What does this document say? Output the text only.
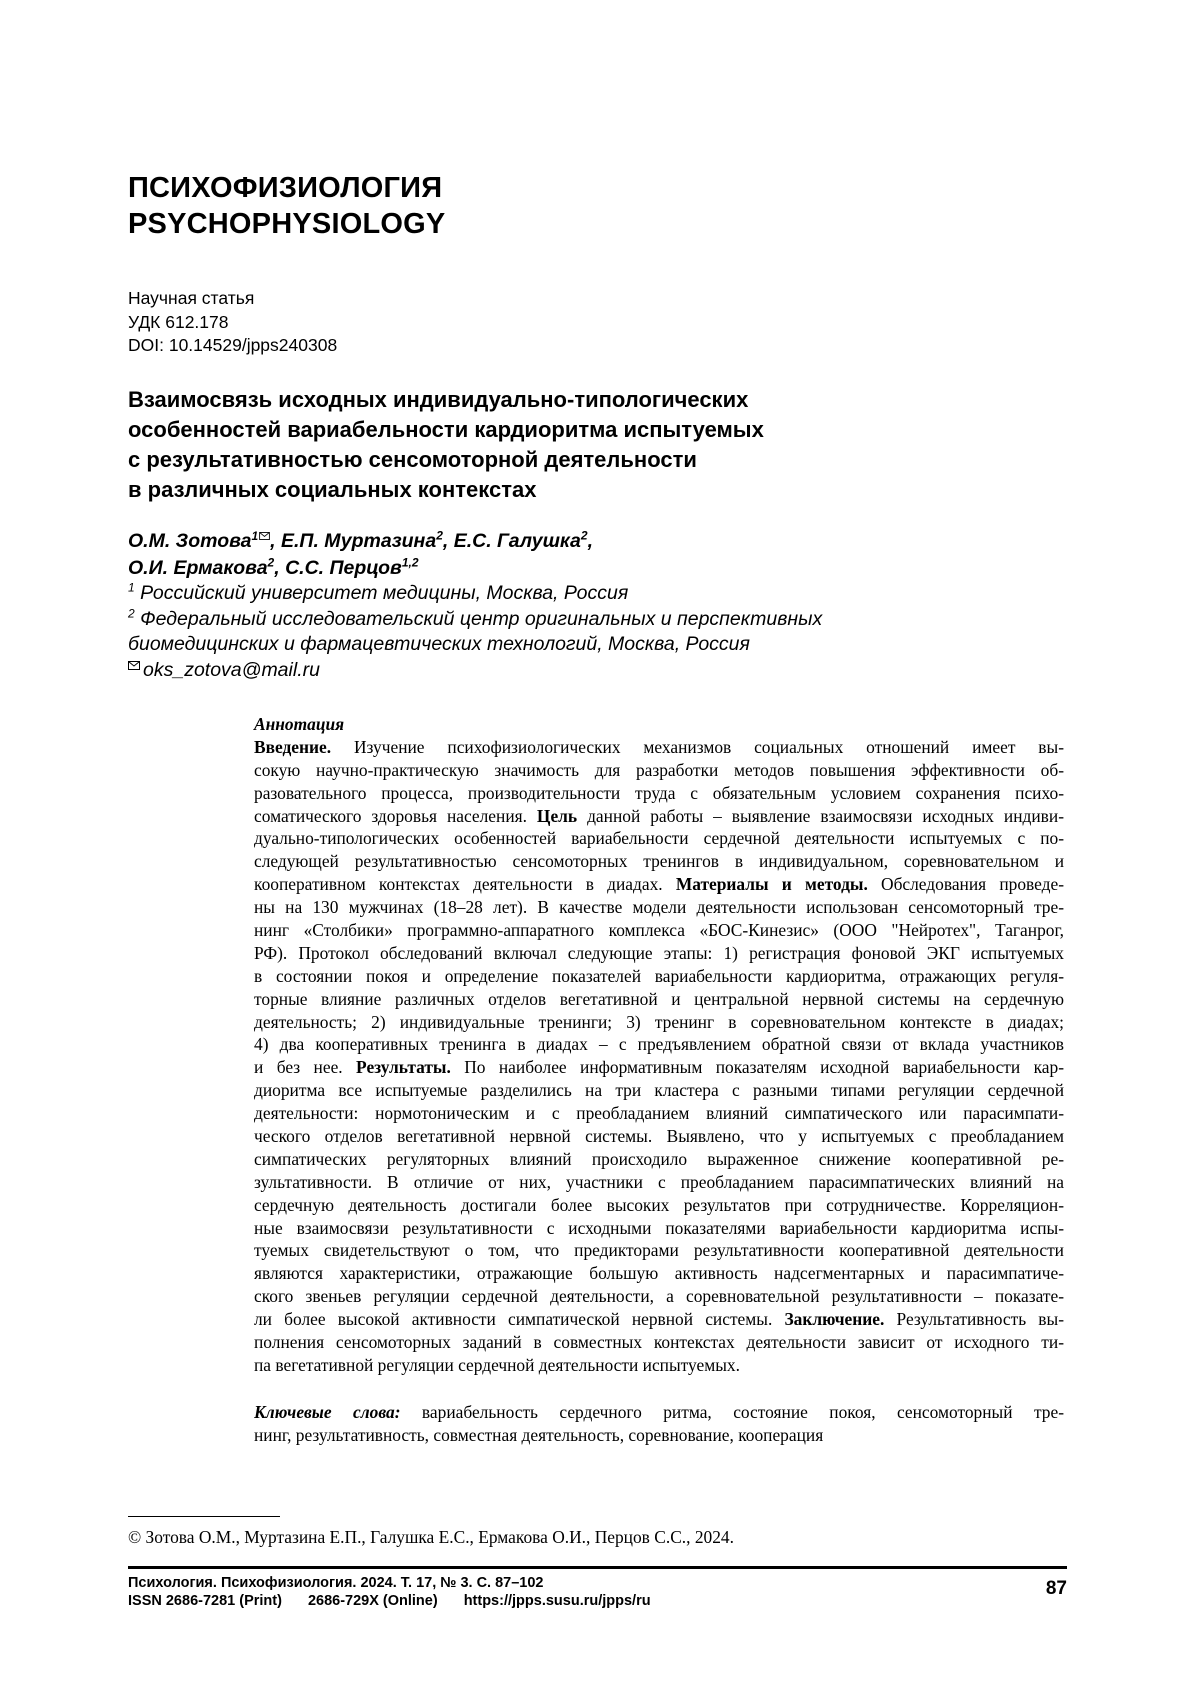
ПСИХОФИЗИОЛОГИЯ
PSYCHOPHYSIOLOGY
Научная статья
УДК 612.178
DOI: 10.14529/jpps240308
Взаимосвязь исходных индивидуально-типологических
особенностей вариабельности кардиоритма испытуемых
с результативностью сенсомоторной деятельности
в различных социальных контекстах
О.М. Зотова$^1$ , Е.П. Муртазина$^2$, Е.С. Галушка$^2$,
О.И. Ермакова$^2$, С.С. Перцов$^{1,2}$
$^1$ Российский университет медицины, Москва, Россия
$^2$ Федеральный исследовательский центр оригинальных и перспективных
биомедицинских и фармацевтических технологий, Москва, Россия
oks_zotova@mail.ru
Аннотация
Введение. Изучение психофизиологических механизмов социальных отношений имеет вы-
сокую научно-практическую значимость для разработки методов повышения эффективности об-
разовательного процесса, производительности труда с обязательным условием сохранения психо-
соматического здоровья населения. Цель данной работы – выявление взаимосвязи исходных индиви-
дуально-типологических особенностей вариабельности сердечной деятельности испытуемых с по-
следующей результативностью сенсомоторных тренингов в индивидуальном, соревновательном и
кооперативном контекстах деятельности в диадах. Материалы и методы. Обследования проведе-
ны на 130 мужчинах (18–28 лет). В качестве модели деятельности использован сенсомоторный тре-
нинг «Столбики» программно-аппаратного комплекса «БОС-Кинезис» (ООО "Нейротех", Таганрог,
РФ). Протокол обследований включал следующие этапы: 1) регистрация фоновой ЭКГ испытуемых
в состоянии покоя и определение показателей вариабельности кардиоритма, отражающих регуля-
торные влияние различных отделов вегетативной и центральной нервной системы на сердечную
деятельность; 2) индивидуальные тренинги; 3) тренинг в соревновательном контексте в диадах;
4) два кооперативных тренинга в диадах – с предъявлением обратной связи от вклада участников
и без нее. Результаты. По наиболее информативным показателям исходной вариабельности кар-
диоритма все испытуемые разделились на три кластера с разными типами регуляции сердечной
деятельности: нормотоническим и с преобладанием влияний симпатического или парасимпати-
ческого отделов вегетативной нервной системы. Выявлено, что у испытуемых с преобладанием
симпатических регуляторных влияний происходило выраженное снижение кооперативной ре-
зультативности. В отличие от них, участники с преобладанием парасимпатических влияний на
сердечную деятельность достигали более высоких результатов при сотрудничестве. Корреляцион-
ные взаимосвязи результативности с исходными показателями вариабельности кардиоритма испы-
туемых свидетельствуют о том, что предикторами результативности кооперативной деятельности
являются характеристики, отражающие большую активность надсегментарных и парасимпатиче-
ского звеньев регуляции сердечной деятельности, а соревновательной результативности – показате-
ли более высокой активности симпатической нервной системы. Заключение. Результативность вы-
полнения сенсомоторных заданий в совместных контекстах деятельности зависит от исходного ти-
па вегетативной регуляции сердечной деятельности испытуемых.
Ключевые слова: вариабельность сердечного ритма, состояние покоя, сенсомоторный тре-
нинг, результативность, совместная деятельность, соревнование, кооперация
© Зотова О.М., Муртазина Е.П., Галушка Е.С., Ермакова О.И., Перцов С.С., 2024.
Психология. Психофизиология. 2024. Т. 17, № 3. С. 87–102
ISSN 2686-7281 (Print) 2686-729X (Online) https://jpps.susu.ru/jpps/ru
87
